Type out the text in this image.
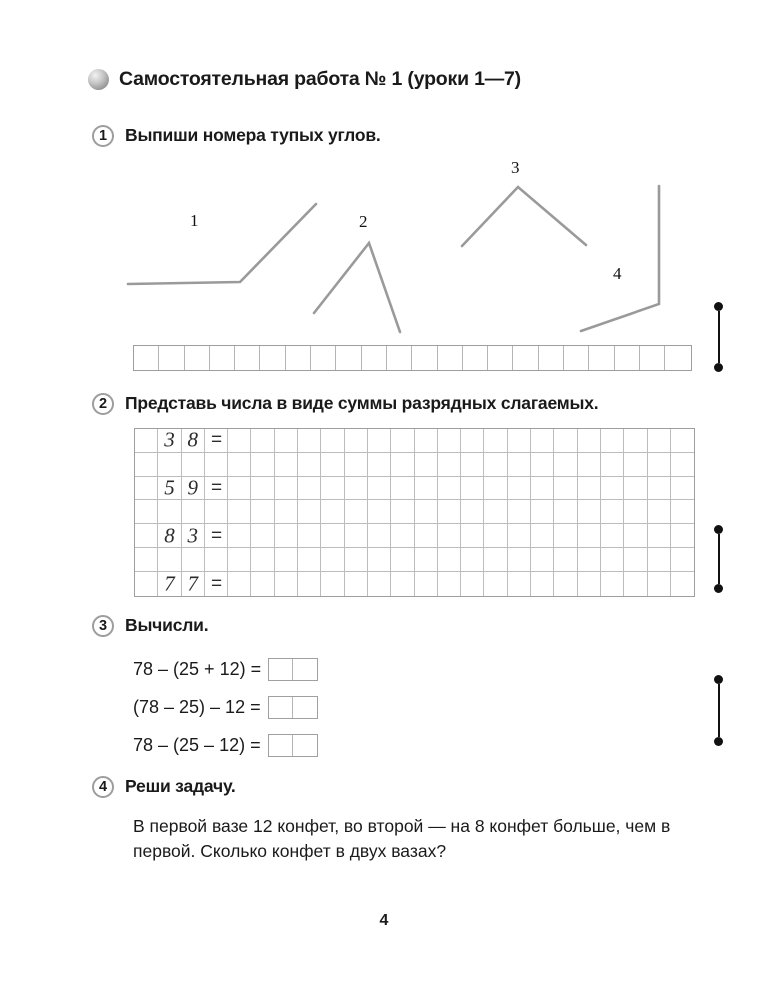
Самостоятельная работа № 1 (уроки 1—7)
1	Выпиши номера тупых углов.
1	2
3
4
2	Представь числа в виде суммы разрядных слагаемых.
3 8 =
5 9 =
8 3 =
7 7 =
3	Вычисли.
78 – (25 + 12) =
(78 – 25) – 12 =
78 – (25 – 12) =
4	Реши задачу.
В первой вазе 12 конфет, во второй — на 8 конфет больше, чем в первой. Сколько конфет в двух вазах?
4
